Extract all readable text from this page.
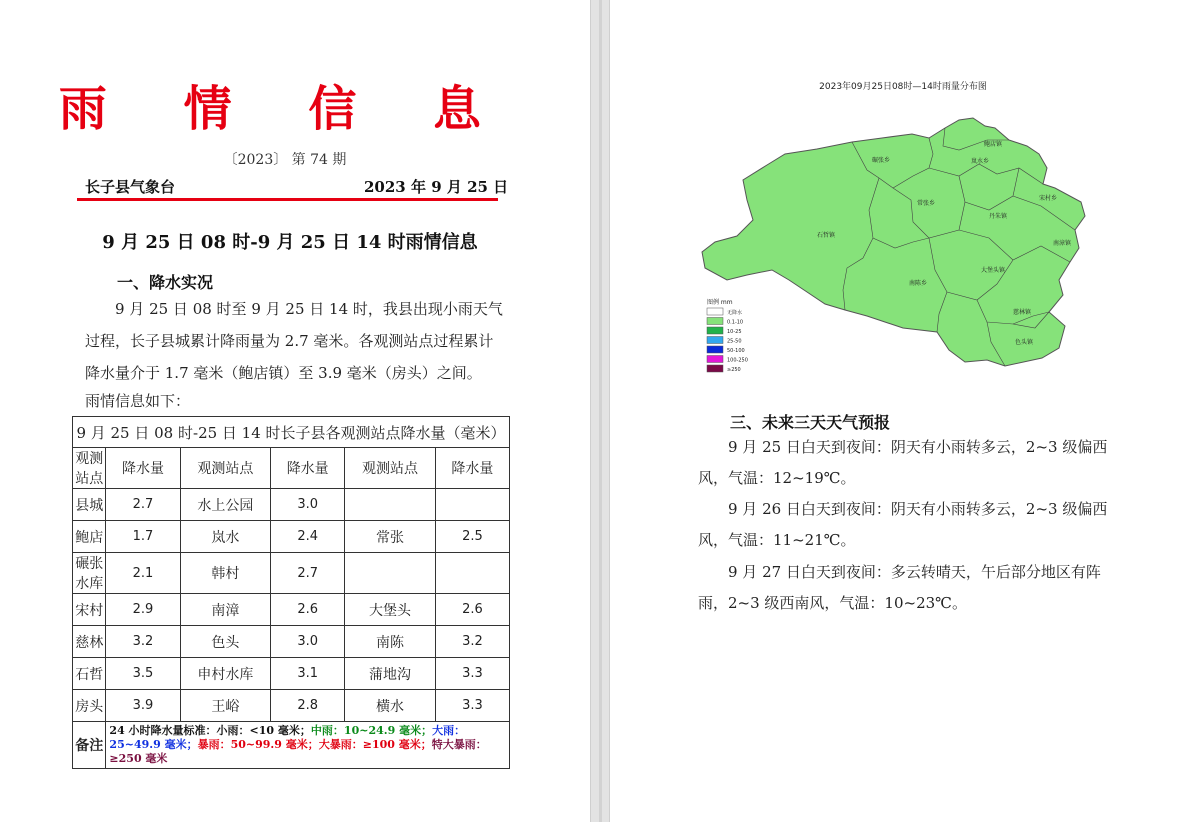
雨 情 信 息
〔2023〕 第 74 期
长子县气象台	2023 年 9 月 25 日
9 月 25 日 08 时-9 月 25 日 14 时雨情信息
一、降水实况
9 月 25 日 08 时至 9 月 25 日 14 时，我县出现小雨天气过程，长子县城累计降雨量为 2.7 毫米。各观测站点过程累计降水量介于 1.7 毫米（鲍店镇）至 3.9 毫米（房头）之间。
雨情信息如下：
9 月 25 日 08 时-25 日 14 时长子县各观测站点降水量（毫米）					
观测站点	降水量	观测站点	降水量	观测站点	降水量
县城	2.7	水上公园	3.0		
鲍店	1.7	岚水	2.4	常张	2.5
碾张水库	2.1	韩村	2.7		
宋村	2.9	南漳	2.6	大堡头	2.6
慈林	3.2	色头	3.0	南陈	3.2
石哲	3.5	申村水库	3.1	蒲地沟	3.3
房头	3.9	王峪	2.8	横水	3.3
备注	24 小时降水量标准：小雨：<10 毫米；中雨：10~24.9 毫米；大雨：25~49.9 毫米；暴雨：50~99.9 毫米；大暴雨：≥100 毫米；特大暴雨：≥250 毫米				
2023年09月25日08时—14时雨量分布图
鲍店镇
碾张乡	岚水乡
宋村乡
常张乡
丹朱镇
石哲镇
南漳镇
南陈乡
大堡头镇
慈林镇
色头镇
图例 mm
无降水
0.1-10
10-25
25-50
50-100
100-250
≥250
三、未来三天天气预报
9 月 25 日白天到夜间：阴天有小雨转多云，2~3 级偏西风，气温：12~19℃。
9 月 26 日白天到夜间：阴天有小雨转多云，2~3 级偏西风，气温：11~21℃。
9 月 27 日白天到夜间：多云转晴天，午后部分地区有阵雨，2~3 级西南风，气温：10~23℃。
